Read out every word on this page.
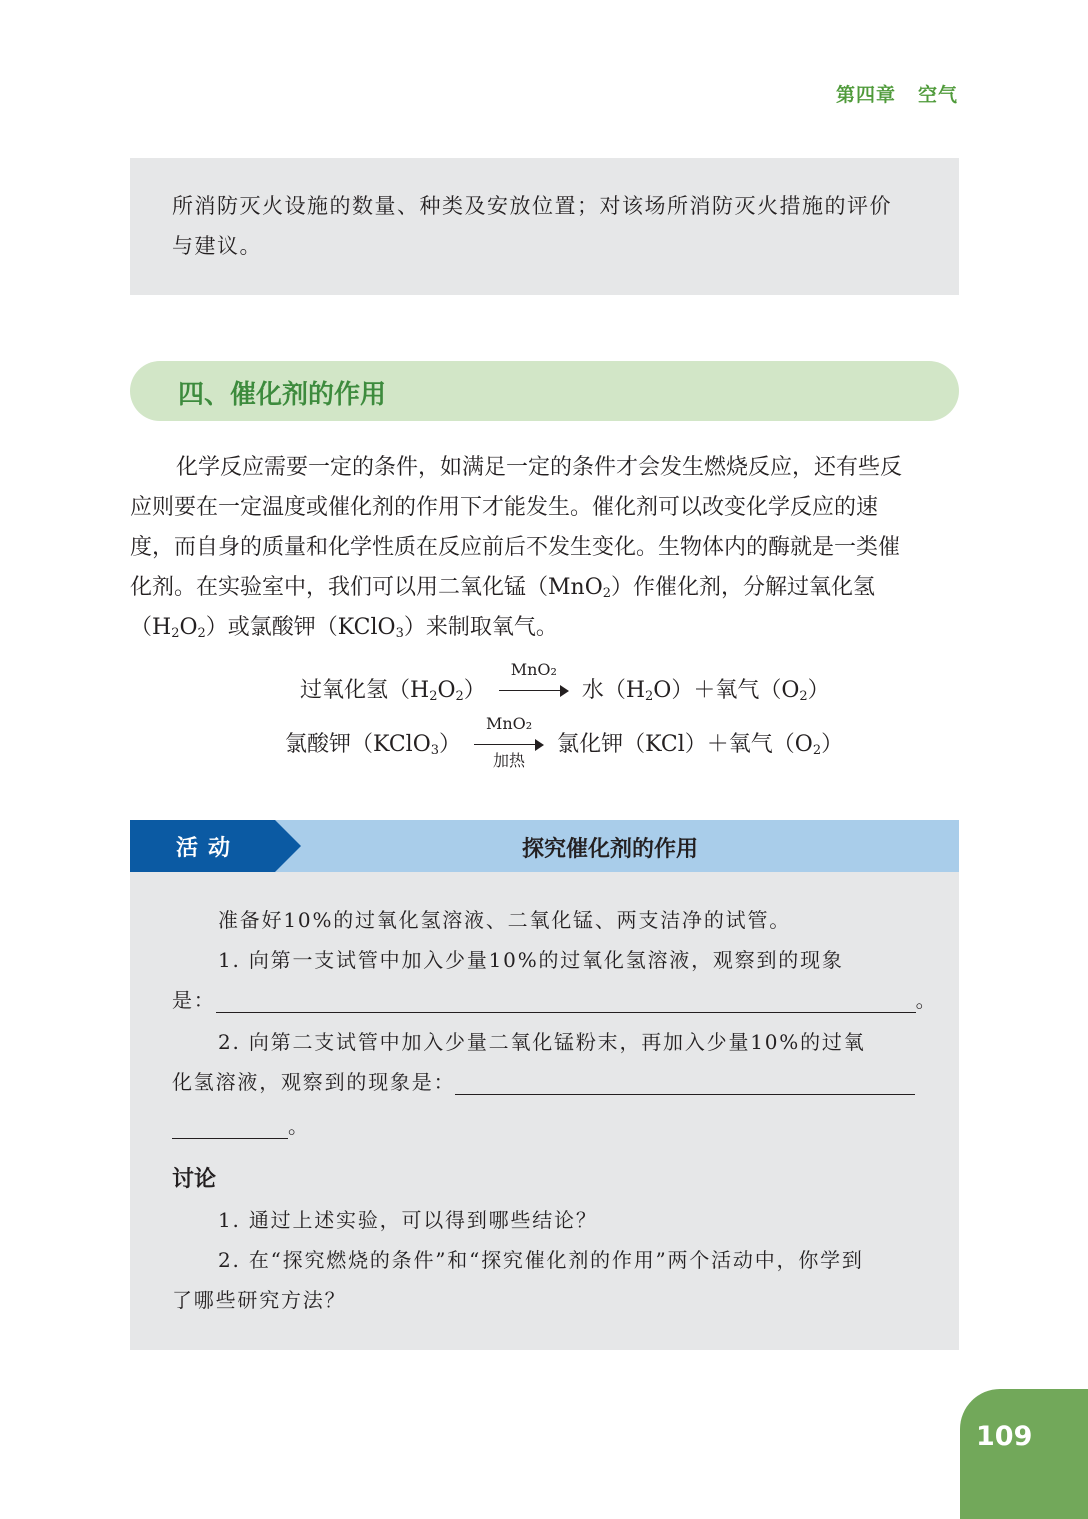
第四章 空气

所消防灭火设施的数量、种类及安放位置；对该场所消防灭火措施的评价
与建议。

四、催化剂的作用

化学反应需要一定的条件，如满足一定的条件才会发生燃烧反应，还有些反
应则要在一定温度或催化剂的作用下才能发生。催化剂可以改变化学反应的速
度，而自身的质量和化学性质在反应前后不发生变化。生物体内的酶就是一类催
化剂。在实验室中，我们可以用二氧化锰（MnO$_2$）作催化剂，分解过氧化氢
$(H_2O_2)$或氯酸钾（KClO$_3$）来制取氧气。

过氧化氢$(H_2O_2)$
MnO₂
水$(H_2O)+$氧气$(O_2)$
氯酸钾（KClO$_3$）
MnO₂
加热
氯化钾（KCl）＋氧气$(O_2)$
活动	探究催化剂的作用
准备好10%的过氧化氢溶液、二氧化锰、两支洁净的试管。
1. 向第一支试管中加入少量10%的过氧化氢溶液，观察到的现象
是：	。
2. 向第二支试管中加入少量二氧化锰粉末，再加入少量10%的过氧
化氢溶液，观察到的现象是：
。
讨论
1. 通过上述实验，可以得到哪些结论？
2. 在“探究燃烧的条件”和“探究催化剂的作用”两个活动中，你学到
了哪些研究方法？
109
